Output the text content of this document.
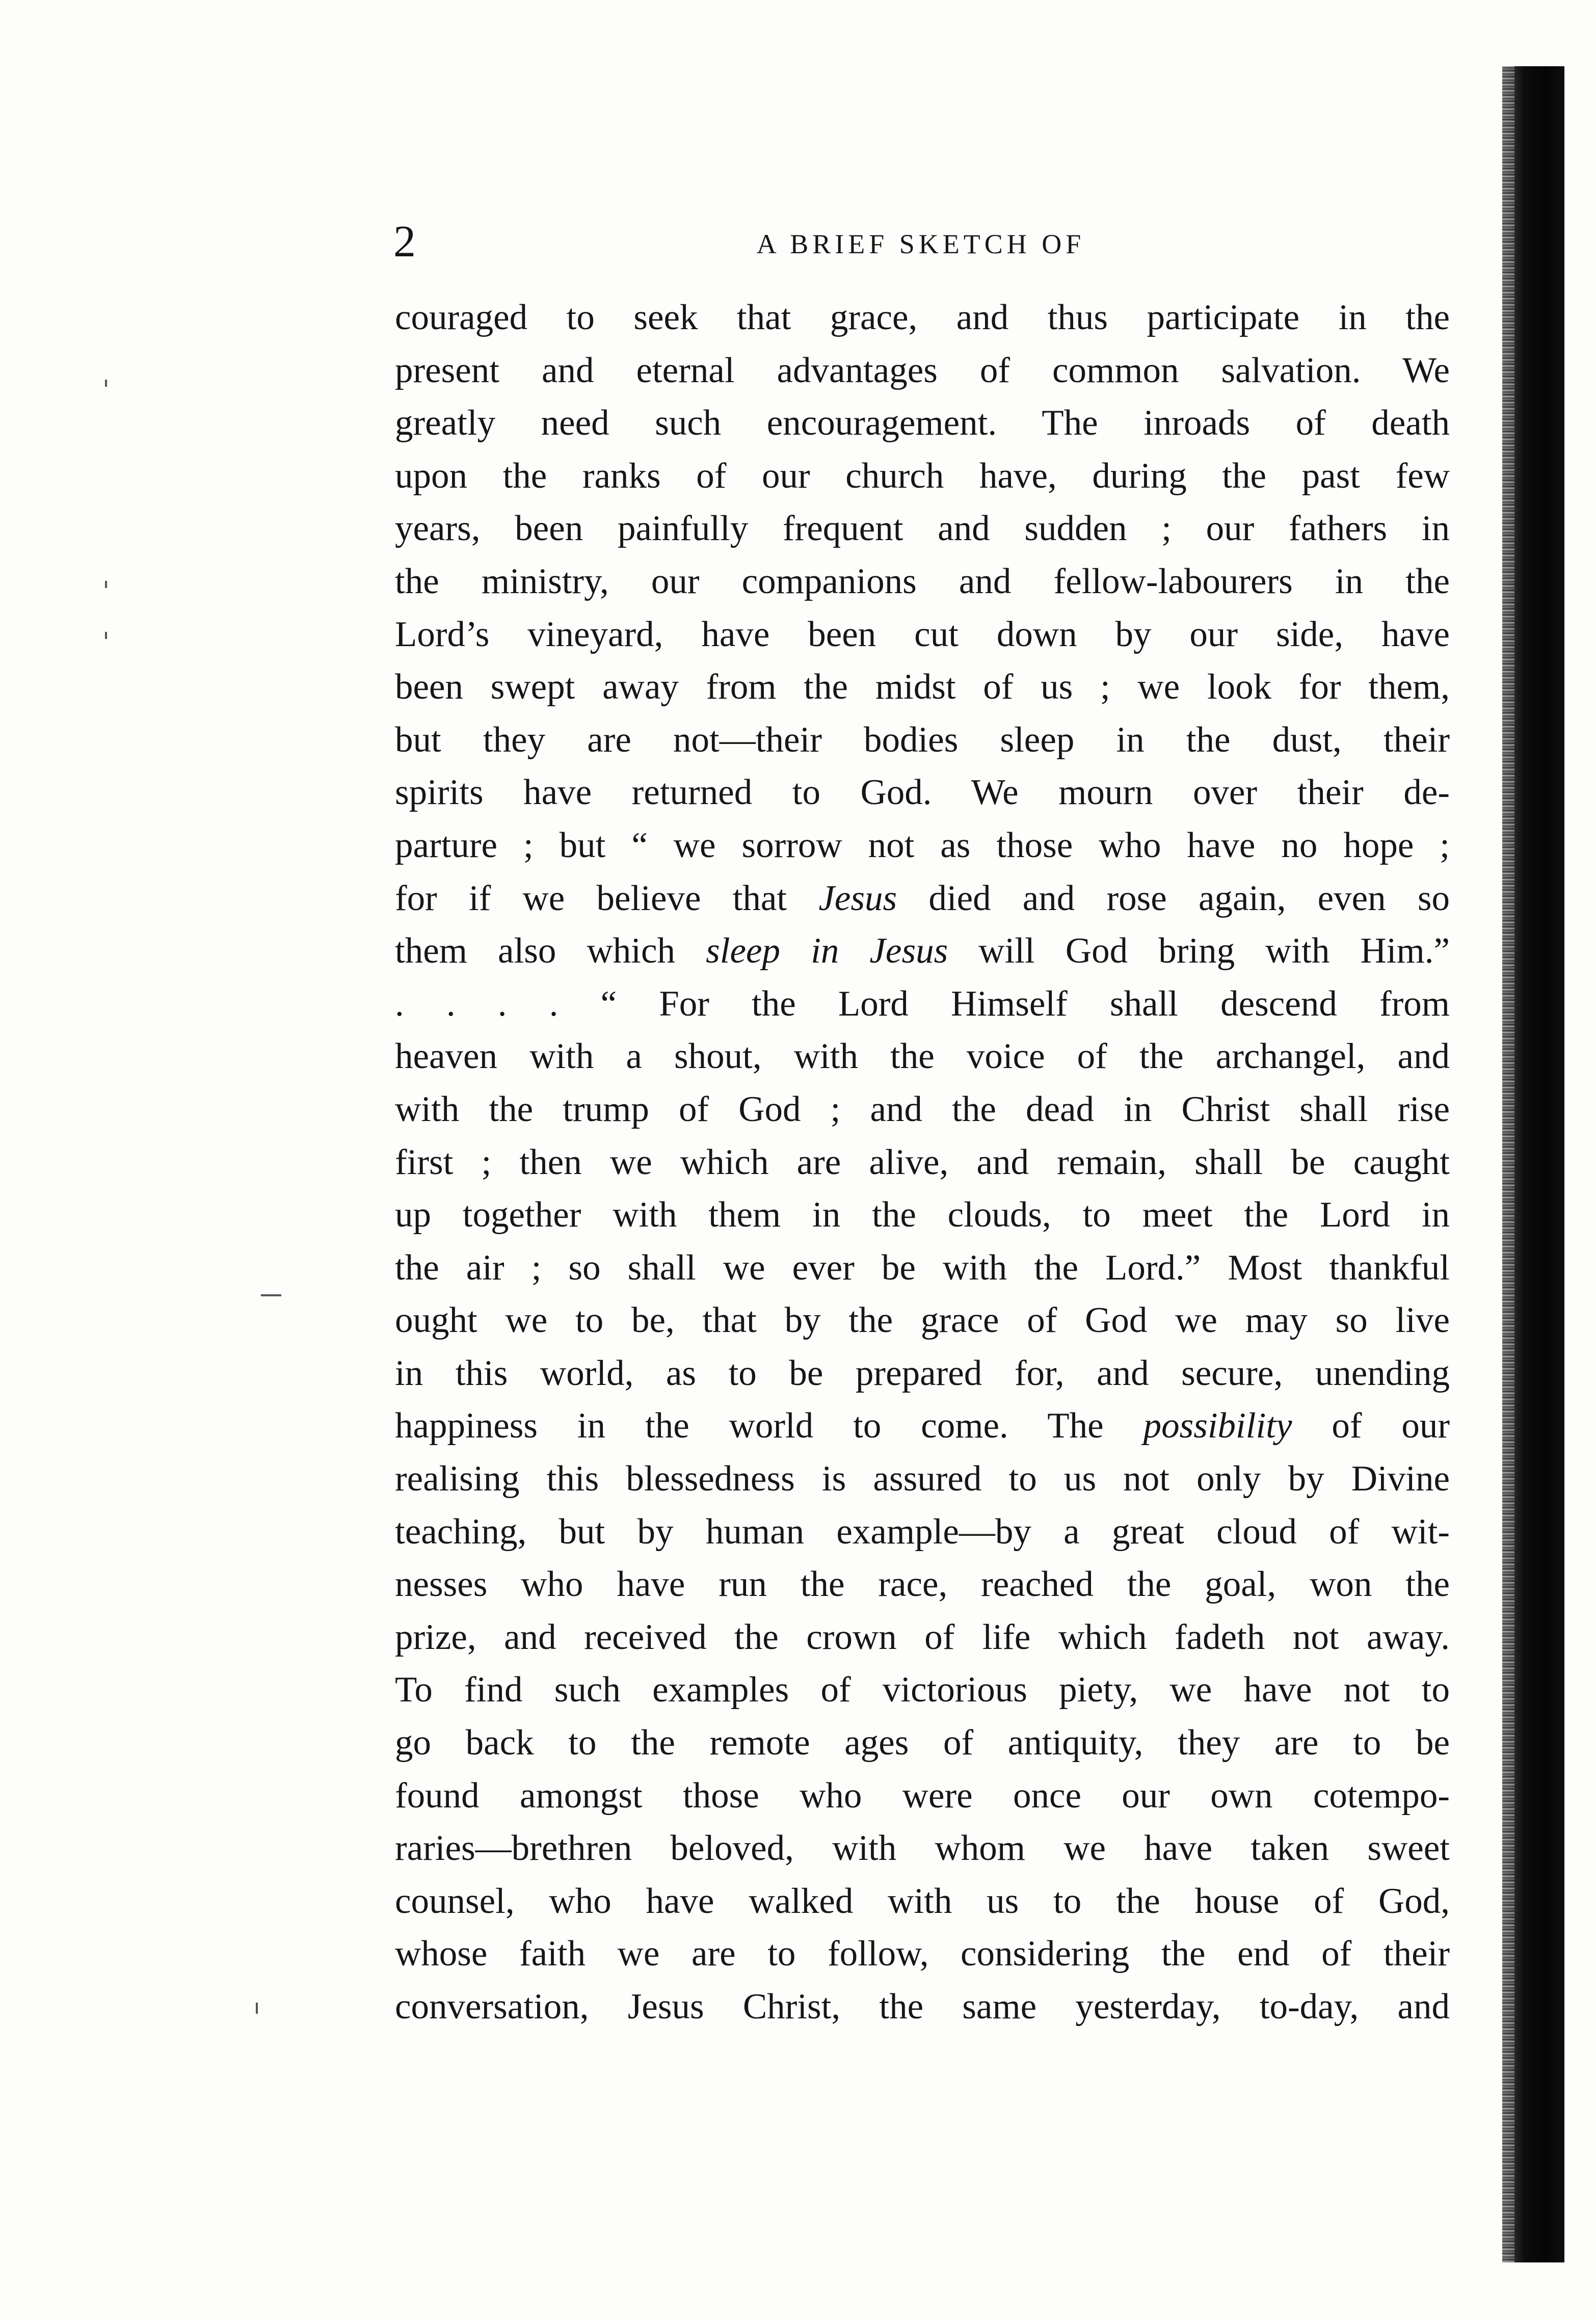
2	A BRIEF SKETCH OF
couraged to seek that grace, and thus participate in the
present and eternal advantages of common salvation. We
greatly need such encouragement. The inroads of death
upon the ranks of our church have, during the past few
years, been painfully frequent and sudden ; our fathers in
the ministry, our companions and fellow-labourers in the
Lord’s vineyard, have been cut down by our side, have
been swept away from the midst of us ; we look for them,
but they are not—their bodies sleep in the dust, their
spirits have returned to God. We mourn over their de-
parture ; but “ we sorrow not as those who have no hope ;
for if we believe that Jesus died and rose again, even so
them also which sleep in Jesus will God bring with Him.”
. . . . “ For the Lord Himself shall descend from
heaven with a shout, with the voice of the archangel, and
with the trump of God ; and the dead in Christ shall rise
first ; then we which are alive, and remain, shall be caught
up together with them in the clouds, to meet the Lord in
the air ; so shall we ever be with the Lord.” Most thankful
ought we to be, that by the grace of God we may so live
in this world, as to be prepared for, and secure, unending
happiness in the world to come. The possibility of our
realising this blessedness is assured to us not only by Divine
teaching, but by human example—by a great cloud of wit-
nesses who have run the race, reached the goal, won the
prize, and received the crown of life which fadeth not away.
To find such examples of victorious piety, we have not to
go back to the remote ages of antiquity, they are to be
found amongst those who were once our own cotempo-
raries—brethren beloved, with whom we have taken sweet
counsel, who have walked with us to the house of God,
whose faith we are to follow, considering the end of their
conversation, Jesus Christ, the same yesterday, to-day, and
